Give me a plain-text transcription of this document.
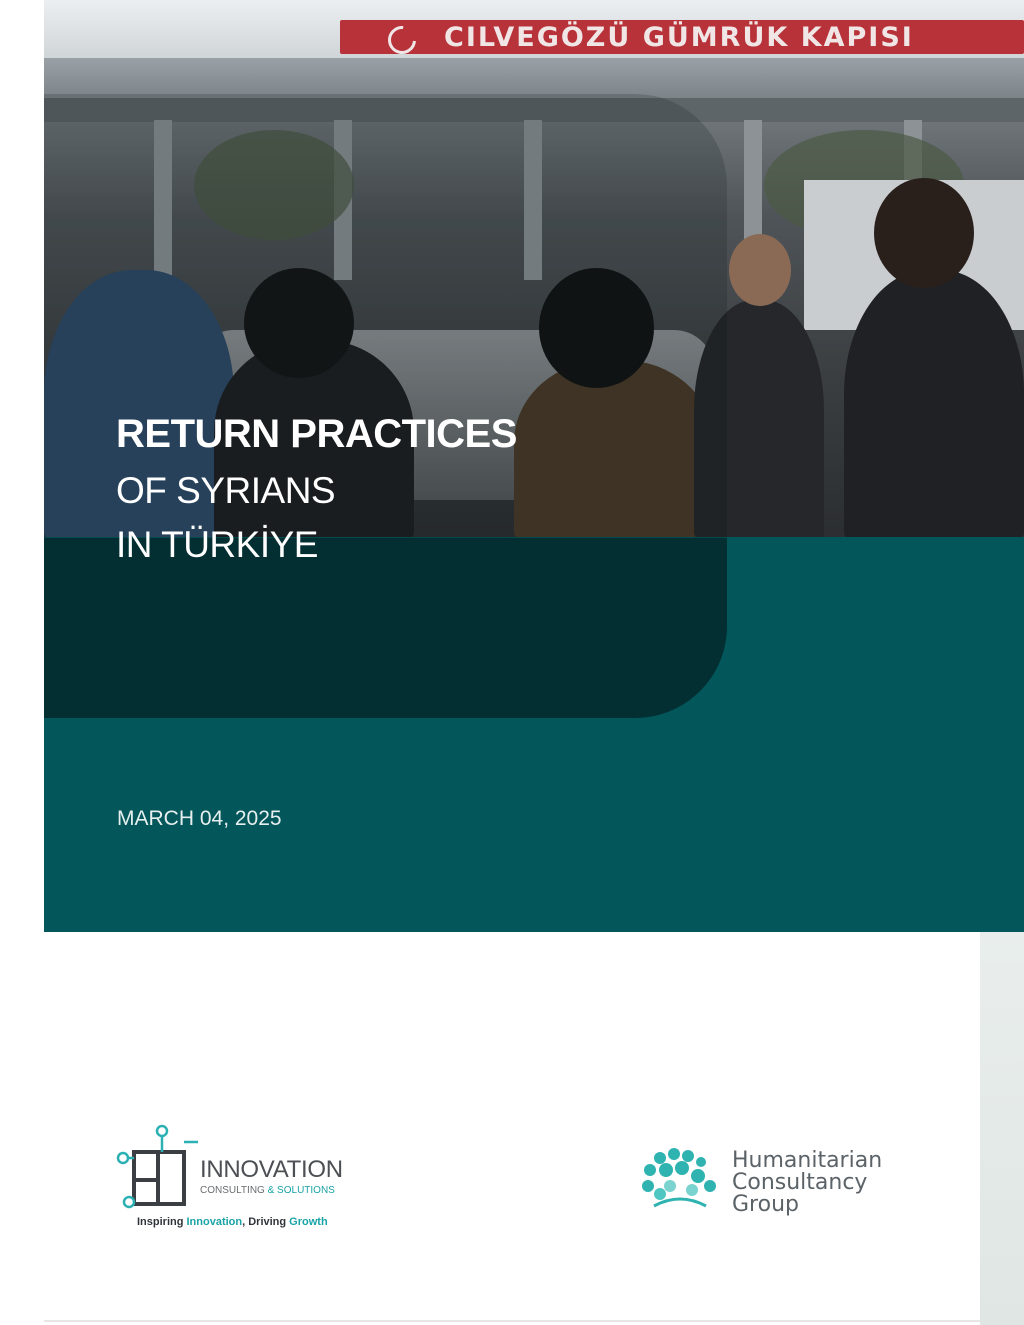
CILVEGÖZÜ GÜMRÜK KAPISI
RETURN PRACTICES
OF SYRIANS
IN TÜRKİYE
MARCH 04, 2025
INNOVATION
CONSULTING & SOLUTIONS
Inspiring Innovation, Driving Growth
Humanitarian
Consultancy
Group
